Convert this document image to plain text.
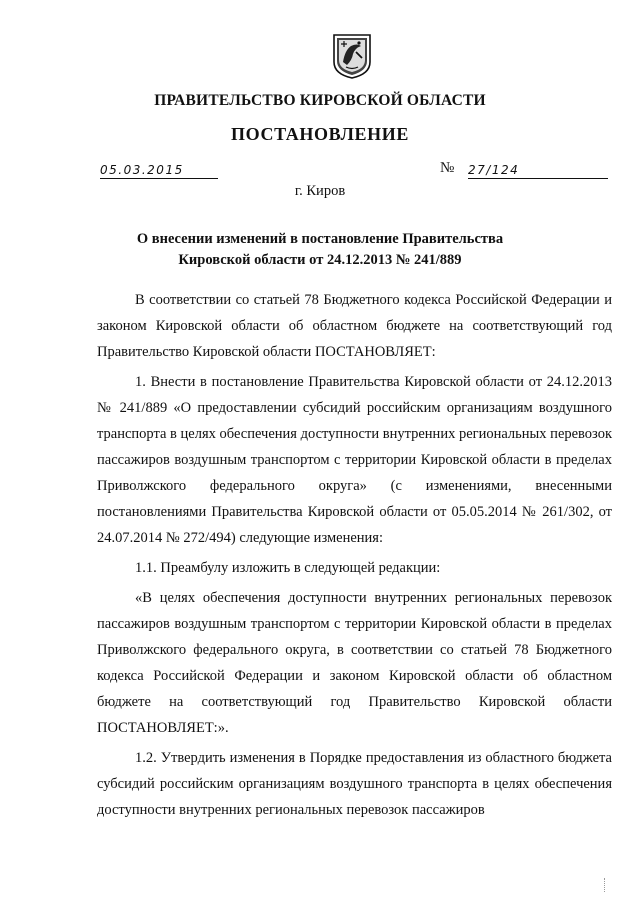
ПРАВИТЕЛЬСТВО КИРОВСКОЙ ОБЛАСТИ
ПОСТАНОВЛЕНИЕ
05.03.2015	№ 27/124
г. Киров
О внесении изменений в постановление Правительства Кировской области от 24.12.2013 № 241/889

В соответствии со статьей 78 Бюджетного кодекса Российской Федерации и законом Кировской области об областном бюджете на соответствующий год Правительство Кировской области ПОСТАНОВЛЯЕТ:

1. Внести в постановление Правительства Кировской области от 24.12.2013 № 241/889 «О предоставлении субсидий российским организациям воздушного транспорта в целях обеспечения доступности внутренних региональных перевозок пассажиров воздушным транспортом с территории Кировской области в пределах Приволжского федерального округа» (с изменениями, внесенными постановлениями Правительства Кировской области от 05.05.2014 № 261/302, от 24.07.2014 № 272/494) следующие изменения:

1.1. Преамбулу изложить в следующей редакции:

«В целях обеспечения доступности внутренних региональных перевозок пассажиров воздушным транспортом с территории Кировской области в пределах Приволжского федерального округа, в соответствии со статьей 78 Бюджетного кодекса Российской Федерации и законом Кировской области об областном бюджете на соответствующий год Правительство Кировской области ПОСТАНОВЛЯЕТ:».

1.2. Утвердить изменения в Порядке предоставления из областного бюджета субсидий российским организациям воздушного транспорта в целях обеспечения доступности внутренних региональных перевозок пассажиров
